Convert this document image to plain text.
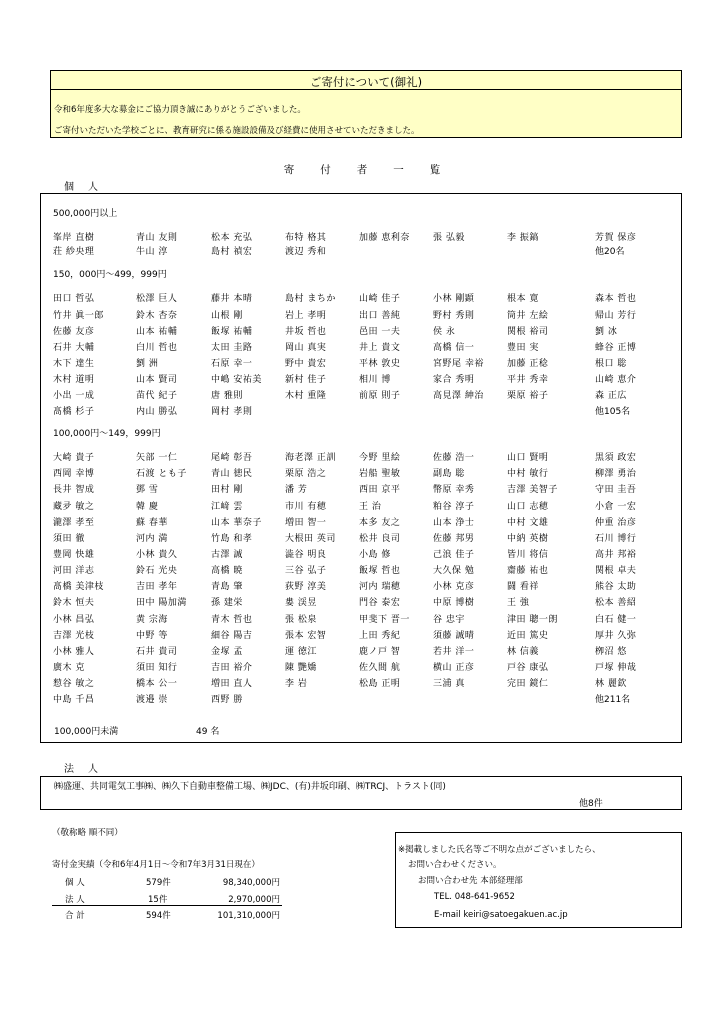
ご寄付について(御礼)
令和6年度多大な募金にご協力頂き誠にありがとうございました。
ご寄付いただいた学校ごとに、教育研究に係る施設設備及び経費に使用させていただきました。
寄付者一覧
個人
500,000円以上
峯岸 直樹	青山 友則	松本 充弘	布特 格其	加藤 恵利奈	張 弘毅	李 振鎬	芳賀 保彦
荘 紗央理	牛山 淳	島村 禎宏	渡辺 秀和	他20名
150，000円～499，999円
田口 哲弘	松澤 巨人	藤井 本晴	島村 まちか	山崎 佳子	小林 剛顕	根本 寛	森本 哲也
竹井 眞一郎	鈴木 杏奈	山根 剛	岩上 孝明	出口 善純	野村 秀則	筒井 左絵	帰山 芳行
佐藤 友彦	山本 祐輔	飯塚 祐輔	井坂 哲也	邑田 一夫	侯 永	関根 裕司	劉 冰
石井 大輔	白川 哲也	太田 圭路	岡山 真実	井上 貴文	高橋 信一	豊田 実	蜂谷 正博
木下 達生	劉 洲	石原 幸一	野中 貴宏	平林 敦史	宮野尾 幸裕	加藤 正稔	根口 聡
木村 道明	山本 賢司	中嶋 安祐美	新村 佳子	相川 博	家合 秀明	平井 秀幸	山崎 恵介
小出 一成	苗代 紀子	唐 雅則	木村 重隆	前原 則子	高見澤 紳治	栗原 裕子	森 正広
髙橋 杉子	内山 勝弘	岡村 孝則	他105名
100,000円～149，999円
大崎 貴子	矢部 一仁	尾崎 彰吾	海老澤 正訓	今野 里絵	佐藤 浩一	山口 賢明	黒須 政宏
西岡 幸博	石渡 とも子	青山 徳民	栗原 浩之	岩船 聖敏	副島 聡	中村 敏行	柳澤 勇治
長井 智成	鄧 雪	田村 剛	潘 芳	西田 京平	幣原 幸秀	吉澤 美智子	守田 圭吾
藏夛 敏之	韓 慶	江﨑 雲	市川 有穂	王 治	粕谷 淳子	山口 志穂	小倉 一宏
瀧澤 孝至	蘇 春華	山本 華奈子	増田 智一	本多 友之	山本 浄士	中村 文雄	仲重 治彦
須田 徹	河内 満	竹島 和孝	大根田 英司	松井 良司	佐藤 邦男	中納 英樹	石川 博行
豊岡 快雄	小林 貴久	古澤 誠	澁谷 明良	小島 修	己浪 佳子	皆川 将信	高井 邦裕
河田 洋志	鈴石 光央	高橋 暁	三谷 弘子	飯塚 哲也	大久保 勉	齋藤 祐也	関根 卓夫
髙橋 美津枝	吉田 孝年	青島 肇	荻野 淳美	河内 瑞穂	小林 克彦	闘 看祥	熊谷 太助
鈴木 恒夫	田中 陽加満	孫 建栄	婁 渓昱	門谷 泰宏	中原 博樹	王 強	松本 善紹
小林 昌弘	黄 宗海	青木 哲也	張 松泉	甲斐下 晋一	谷 忠宇	津田 聰一朗	白石 健一
吉澤 光枝	中野 等	細谷 陽吉	張本 宏智	上田 秀紀	須藤 誠晴	近田 篤史	厚井 久弥
小林 雅人	石井 貴司	金塚 孟	運 徳江	鹿ノ戸 智	若井 洋一	林 信義	栁沼 悠
廣木 克	須田 知行	吉田 裕介	陳 艷嬌	佐久間 航	横山 正彦	戸谷 康弘	戸塚 伸哉
愸谷 敏之	橋本 公一	増田 直人	李 岩	松島 正明	三浦 真	完田 鏡仁	林 麗欽
中島 千昌	渡邉 崇	西野 勝	他211名
100,000円未満	49 名
法人
㈱盛運、共同電気工事㈱、㈱久下自動車整備工場、㈱JDC、(有)井坂印刷、㈱TRCJ、トラスト(同)
他8件
（敬称略 順不同）
寄付金実績（令和6年4月1日～令和7年3月31日現在）
個 人	579件	98,340,000円
法 人	15件	2,970,000円
合 計	594件	101,310,000円
※掲載しました氏名等ご不明な点がございましたら、
お問い合わせください。
お問い合わせ先 本部経理部
TEL. 048-641-9652
E-mail keiri@satoegakuen.ac.jp
